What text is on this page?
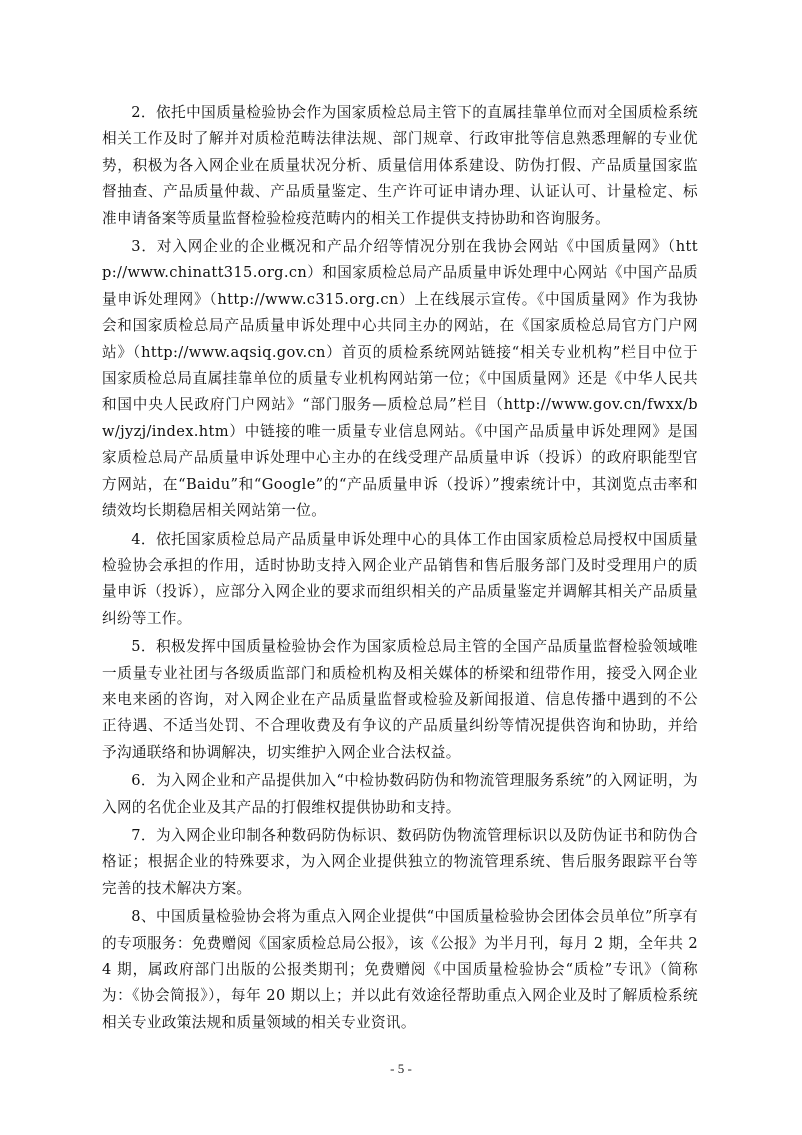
2．依托中国质量检验协会作为国家质检总局主管下的直属挂靠单位而对全国质检系统相关工作及时了解并对质检范畴法律法规、部门规章、行政审批等信息熟悉理解的专业优势，积极为各入网企业在质量状况分析、质量信用体系建设、防伪打假、产品质量国家监督抽查、产品质量仲裁、产品质量鉴定、生产许可证申请办理、认证认可、计量检定、标准申请备案等质量监督检验检疫范畴内的相关工作提供支持协助和咨询服务。

3．对入网企业的企业概况和产品介绍等情况分别在我协会网站《中国质量网》（http://www.chinatt315.org.cn）和国家质检总局产品质量申诉处理中心网站《中国产品质量申诉处理网》（http://www.c315.org.cn）上在线展示宣传。《中国质量网》作为我协会和国家质检总局产品质量申诉处理中心共同主办的网站，在《国家质检总局官方门户网站》（http://www.aqsiq.gov.cn）首页的质检系统网站链接“相关专业机构”栏目中位于国家质检总局直属挂靠单位的质量专业机构网站第一位；《中国质量网》还是《中华人民共和国中央人民政府门户网站》“部门服务—质检总局”栏目（http://www.gov.cn/fwxx/bw/jyzj/index.htm）中链接的唯一质量专业信息网站。《中国产品质量申诉处理网》是国家质检总局产品质量申诉处理中心主办的在线受理产品质量申诉（投诉）的政府职能型官方网站，在“Baidu”和“Google”的“产品质量申诉（投诉）”搜索统计中，其浏览点击率和绩效均长期稳居相关网站第一位。

4．依托国家质检总局产品质量申诉处理中心的具体工作由国家质检总局授权中国质量检验协会承担的作用，适时协助支持入网企业产品销售和售后服务部门及时受理用户的质量申诉（投诉），应部分入网企业的要求而组织相关的产品质量鉴定并调解其相关产品质量纠纷等工作。

5．积极发挥中国质量检验协会作为国家质检总局主管的全国产品质量监督检验领域唯一质量专业社团与各级质监部门和质检机构及相关媒体的桥梁和纽带作用，接受入网企业来电来函的咨询，对入网企业在产品质量监督或检验及新闻报道、信息传播中遇到的不公正待遇、不适当处罚、不合理收费及有争议的产品质量纠纷等情况提供咨询和协助，并给予沟通联络和协调解决，切实维护入网企业合法权益。

6．为入网企业和产品提供加入“中检协数码防伪和物流管理服务系统”的入网证明，为入网的名优企业及其产品的打假维权提供协助和支持。

7．为入网企业印制各种数码防伪标识、数码防伪物流管理标识以及防伪证书和防伪合格证；根据企业的特殊要求，为入网企业提供独立的物流管理系统、售后服务跟踪平台等完善的技术解决方案。

8、中国质量检验协会将为重点入网企业提供“中国质量检验协会团体会员单位”所享有的专项服务：免费赠阅《国家质检总局公报》，该《公报》为半月刊，每月 2 期，全年共 24 期，属政府部门出版的公报类期刊；免费赠阅《中国质量检验协会“质检”专讯》（简称为：《协会简报》），每年 20 期以上；并以此有效途径帮助重点入网企业及时了解质检系统相关专业政策法规和质量领域的相关专业资讯。

- 5 -
